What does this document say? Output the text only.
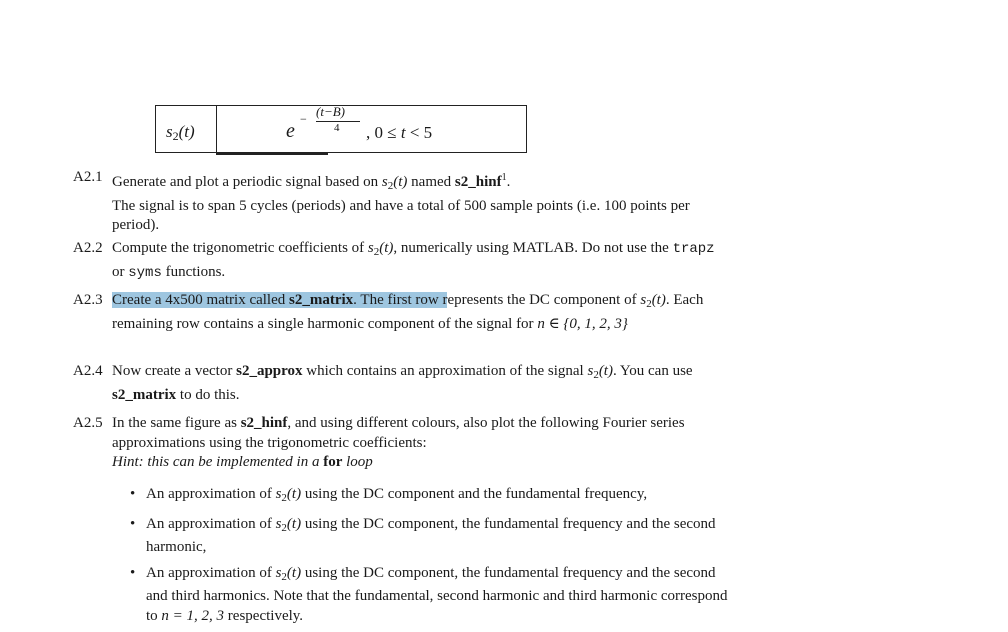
$s_2(t)$	e
− (t−B)
4 , 0 ≤ t < 5
A2.1 Generate and plot a periodic signal based on $s_2(t)$ named s2_hinf$^1$.

The signal is to span 5 cycles (periods) and have a total of 500 sample points (i.e. 100 points per period).

A2.2 Compute the trigonometric coefficients of $s_2(t)$, numerically using MATLAB. Do not use the trapz or syms functions.

A2.3 Create a 4x500 matrix called s2_matrix. The first row represents the DC component of $s_2(t)$. Each remaining row contains a single harmonic component of the signal for n ∈ {0, 1, 2, 3}

A2.4 Now create a vector s2_approx which contains an approximation of the signal $s_2(t)$. You can use s2_matrix to do this.

A2.5 In the same figure as s2_hinf, and using different colours, also plot the following Fourier series approximations using the trigonometric coefficients:

Hint: this can be implemented in a for loop

• An approximation of $s_2(t)$ using the DC component and the fundamental frequency,
• An approximation of $s_2(t)$ using the DC component, the fundamental frequency and the second harmonic,
• An approximation of $s_2(t)$ using the DC component, the fundamental frequency and the second and third harmonics. Note that the fundamental, second harmonic and third harmonic correspond to n = 1, 2, 3 respectively.
